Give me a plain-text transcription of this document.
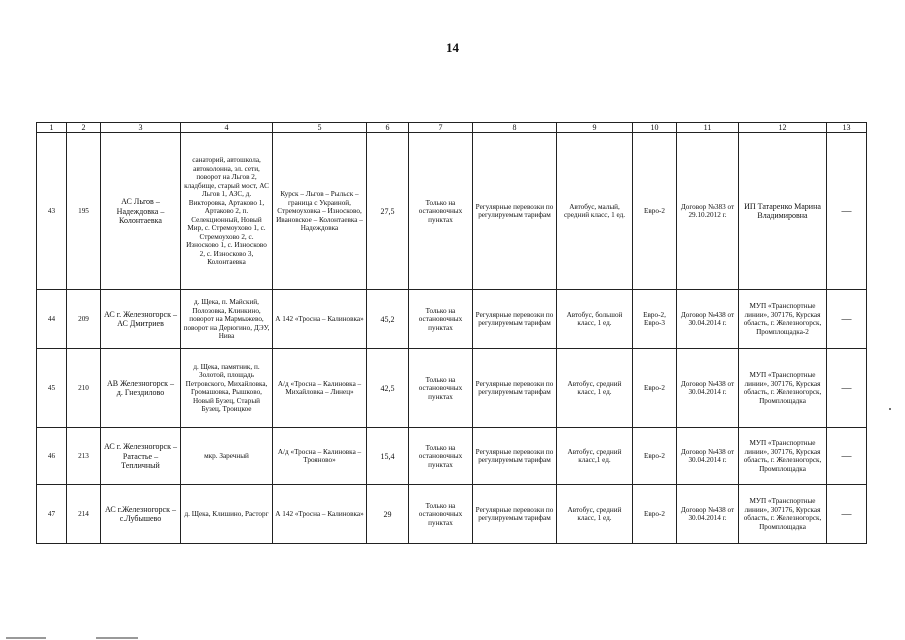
14
1	2	3	4	5	6	7	8	9	10	11	12	13
43	195	АС Льгов – Надеждовка – Колонтаевка	санаторий, автошкола, автоколонна, эл. сети, поворот на Льгов 2, кладбище, старый мост, АС Льгов 1, АЗС, д. Викторовка, Артаково 1, Артаково 2, п. Селекционный, Новый Мир, с. Стремоухово 1, с. Стремоухово 2, с. Износково 1, с. Износково 2, с. Износково 3, Колонтаевка	Курск – Льгов – Рыльск – граница с Украиной, Стремоуховка – Износково, Ивановское – Колонтаевка – Надеждовка	27,5	Только на остановочных пунктах	Регулярные перевозки по регулируемым тарифам	Автобус, малый, средний класс, 1 ед.	Евро-2	Договор №383 от 29.10.2012 г.	ИП Татаренко Марина Владимировна	—
44	209	АС г. Железногорск – АС Дмитриев	д. Щека, п. Майский, Полозовка, Клинкино, поворот на Мармыжево, поворот на Дерюгино, ДЭУ, Нива	А 142 «Тросна – Калиновка»	45,2	Только на остановочных пунктах	Регулярные перевозки по регулируемым тарифам	Автобус, большой класс, 1 ед.	Евро-2, Евро-3	Договор №438 от 30.04.2014 г.	МУП «Транспортные линии», 307176, Курская область, г. Железногорск, Промплощадка-2	—
45	210	АВ Железногорск – д. Гнездилово	д. Щека, памятник, п. Золотой, площадь Петровского, Михайловка, Громашовка, Рышково, Новый Бузец, Старый Бузец, Троицкое	А/д «Тросна – Калиновка – Михайловка – Линец»	42,5	Только на остановочных пунктах	Регулярные перевозки по регулируемым тарифам	Автобус, средний класс, 1 ед.	Евро-2	Договор №438 от 30.04.2014 г.	МУП «Транспортные линии», 307176, Курская область, г. Железногорск, Промплощадка	—
46	213	АС г. Железногорск – Ратастье – Тепличный	мкр. Заречный	А/д «Тросна – Калиновка – Трояново»	15,4	Только на остановочных пунктах	Регулярные перевозки по регулируемым тарифам	Автобус, средний класс,1 ед.	Евро-2	Договор №438 от 30.04.2014 г.	МУП «Транспортные линии», 307176, Курская область, г. Железногорск, Промплощадка	—
47	214	АС г.Железногорск – с.Лубышево	д. Щека, Клишино, Расторг	А 142 «Тросна – Калиновка»	29	Только на остановочных пунктах	Регулярные перевозки по регулируемым тарифам	Автобус, средний класс, 1 ед.	Евро-2	Договор №438 от 30.04.2014 г.	МУП «Транспортные линии», 307176, Курская область, г. Железногорск, Промплощадка	—
